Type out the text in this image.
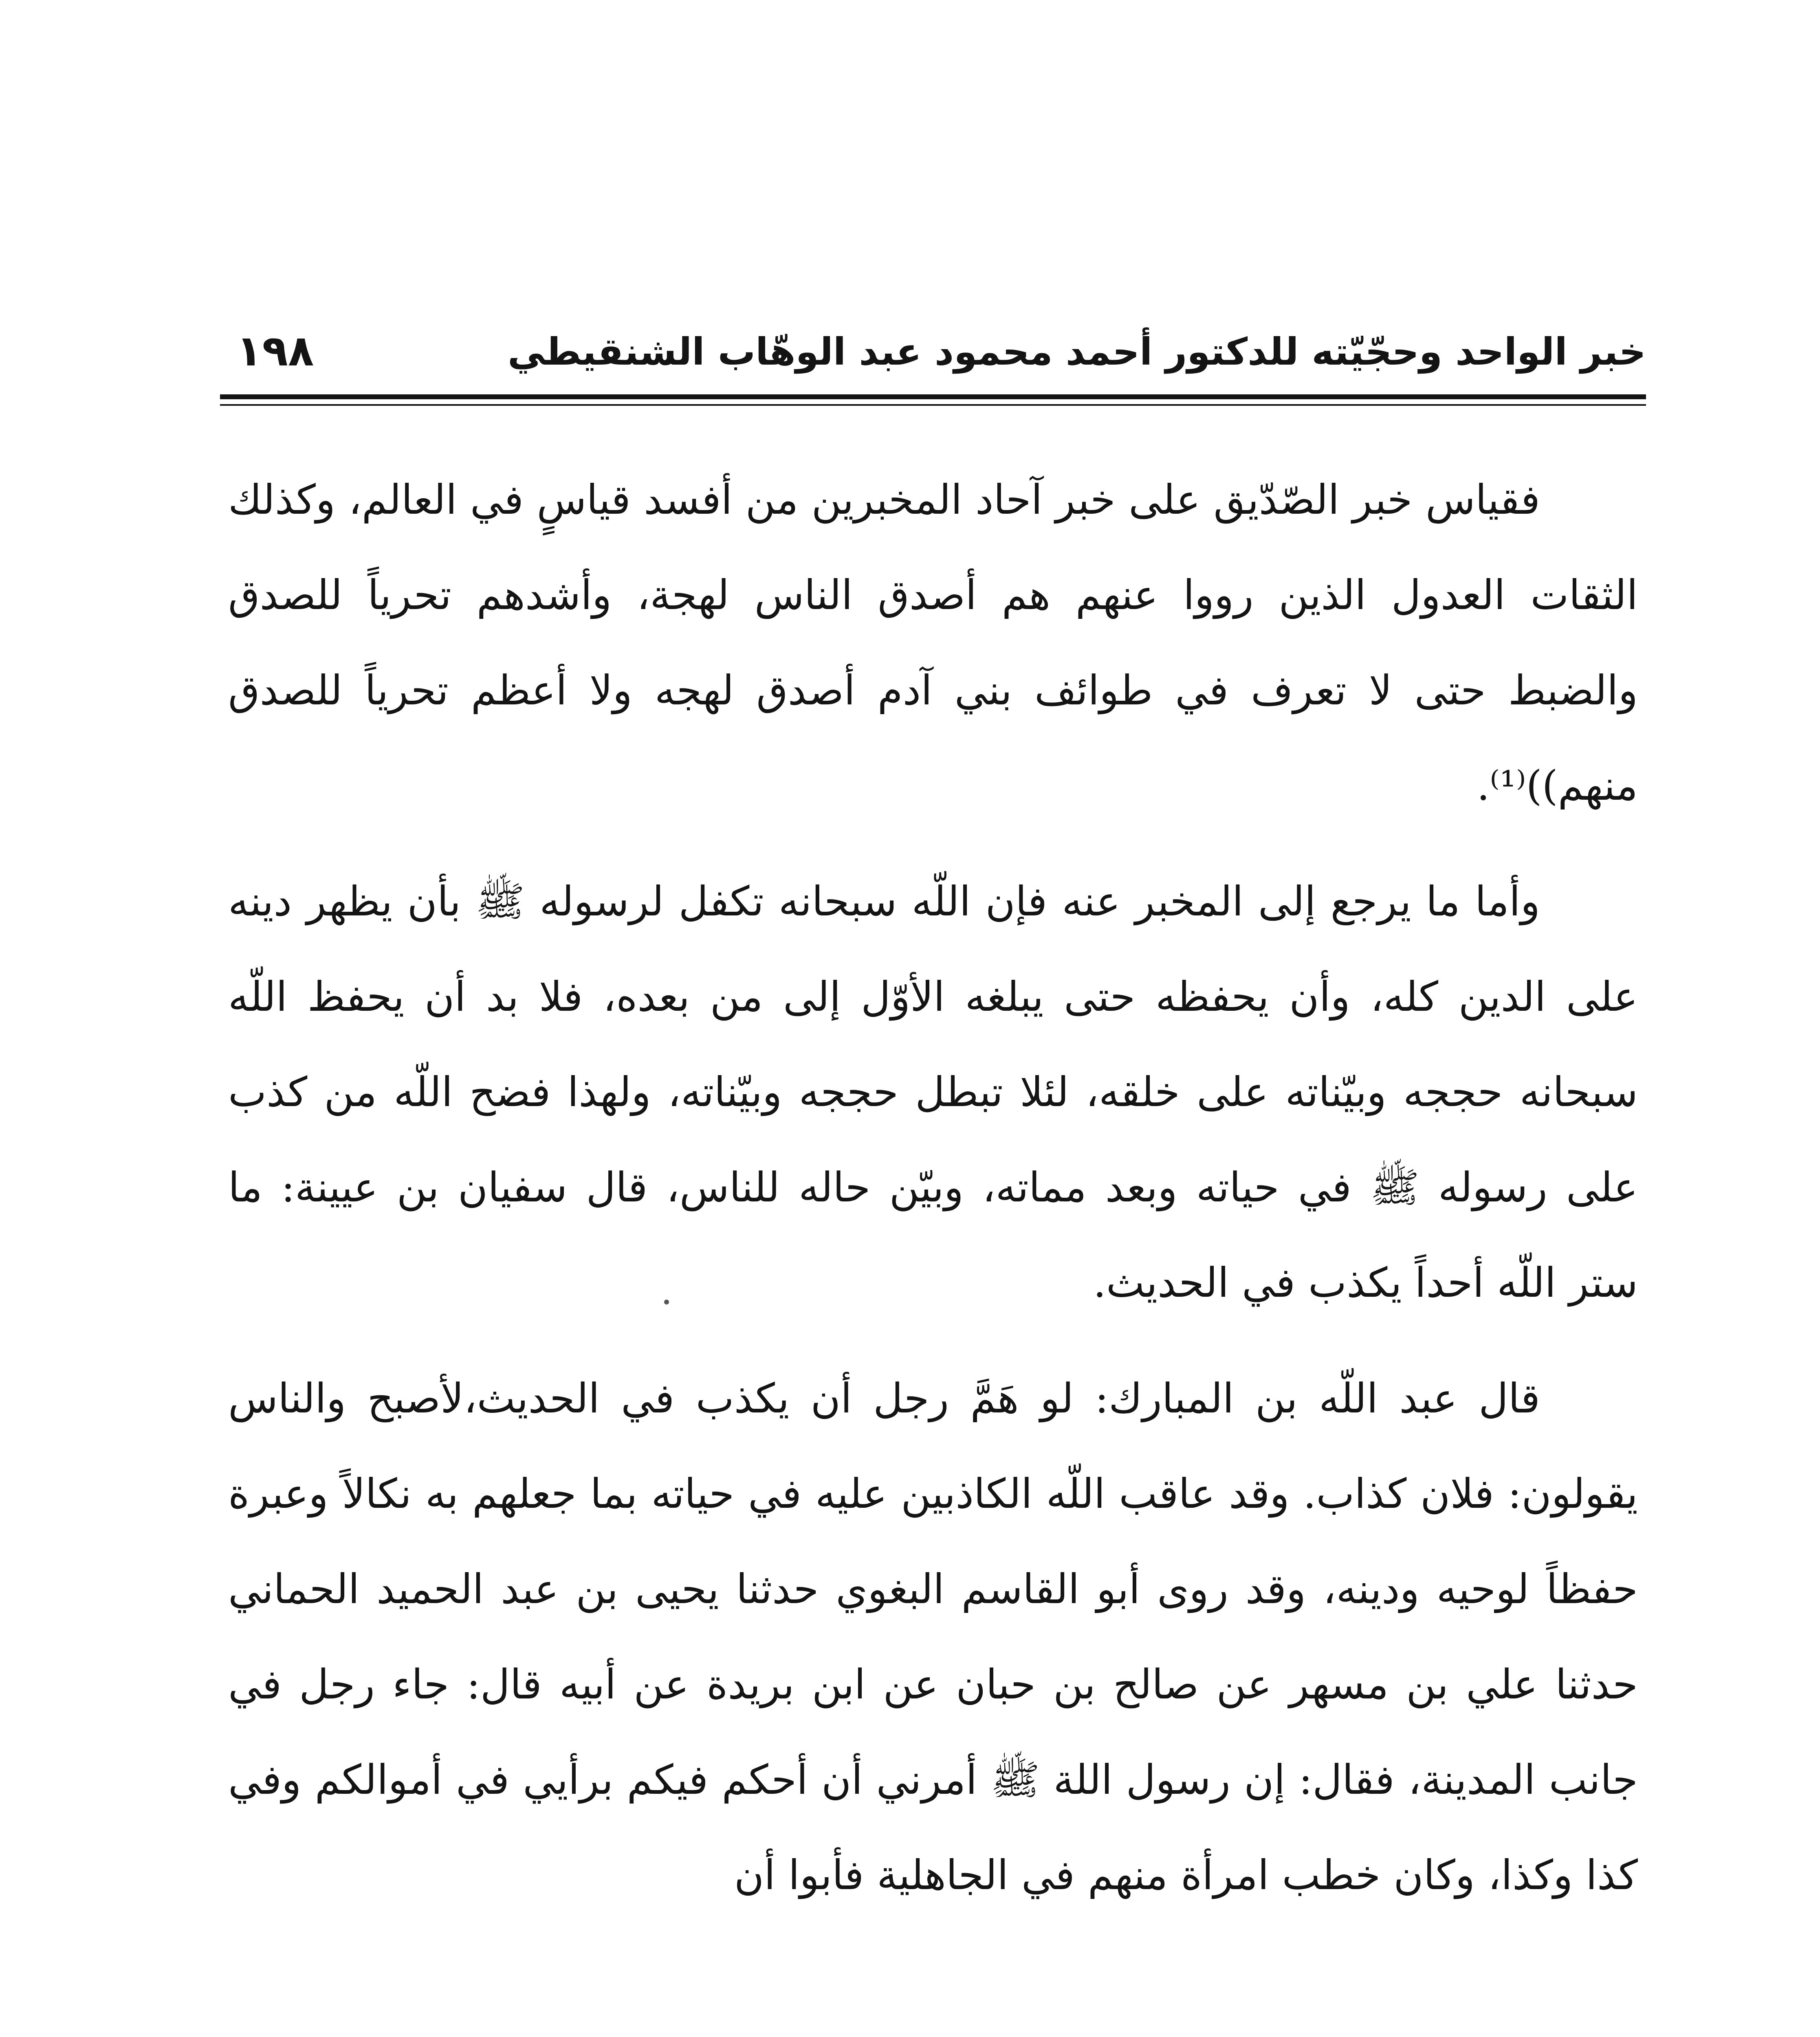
خبر الواحد وحجّيّته للدكتور أحمد محمود عبد الوهّاب الشنقيطي
١٩٨

فقياس خبر الصّدّيق على خبر آحاد المخبرين من أفسد قياسٍ في العالم، وكذلك الثقات العدول الذين رووا عنهم هم أصدق الناس لهجة، وأشدهم تحرياً للصدق والضبط حتى لا تعرف في طوائف بني آدم أصدق لهجه ولا أعظم تحرياً للصدق منهم))⁽¹⁾.

وأما ما يرجع إلى المخبر عنه فإن اللّه سبحانه تكفل لرسوله ﷺ بأن يظهر دينه على الدين كله، وأن يحفظه حتى يبلغه الأوّل إلى من بعده، فلا بد أن يحفظ اللّه سبحانه حججه وبيّناته على خلقه، لئلا تبطل حججه وبيّناته، ولهذا فضح اللّه من كذب على رسوله ﷺ في حياته وبعد مماته، وبيّن حاله للناس، قال سفيان بن عيينة: ما ستر اللّه أحداً يكذب في الحديث.

قال عبد اللّه بن المبارك: لو هَمَّ رجل أن يكذب في الحديث،لأصبح والناس يقولون: فلان كذاب. وقد عاقب اللّه الكاذبين عليه في حياته بما جعلهم به نكالاً وعبرة حفظاً لوحيه ودينه، وقد روى أبو القاسم البغوي حدثنا يحيى بن عبد الحميد الحماني حدثنا علي بن مسهر عن صالح بن حبان عن ابن بريدة عن أبيه قال: جاء رجل في جانب المدينة، فقال: إن رسول اللة ﷺ أمرني أن أحكم فيكم برأيي في أموالكم وفي كذا وكذا، وكان خطب امرأة منهم في الجاهلية فأبوا أن
